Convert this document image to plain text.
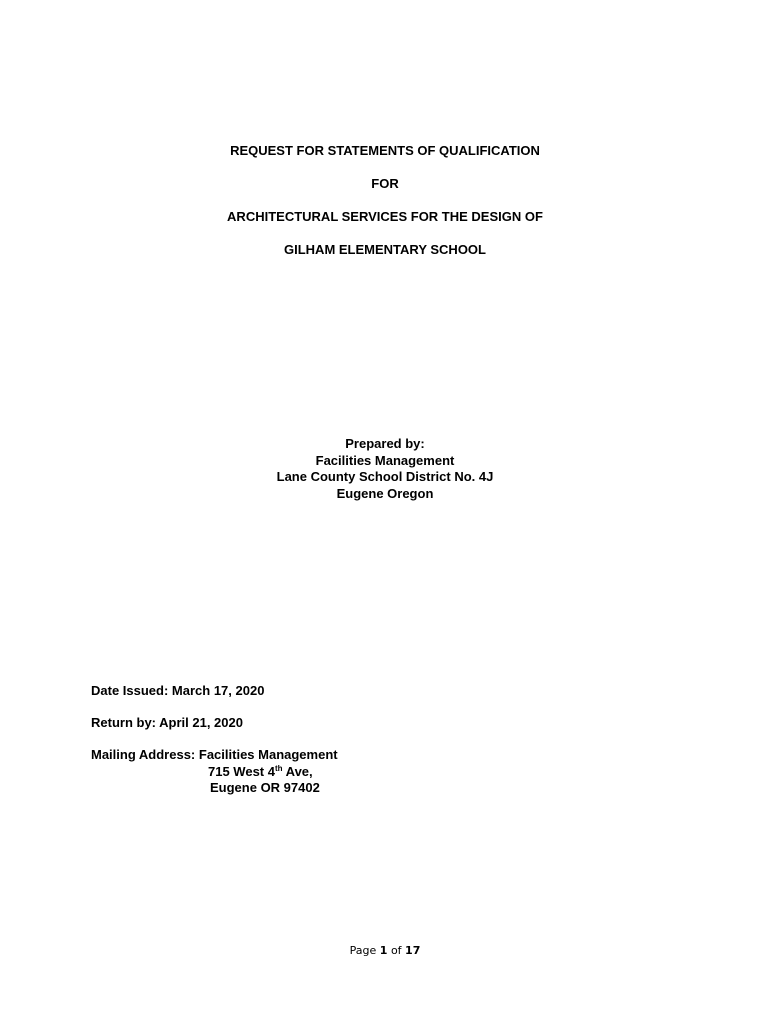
REQUEST FOR STATEMENTS OF QUALIFICATION
FOR
ARCHITECTURAL SERVICES FOR THE DESIGN OF
GILHAM ELEMENTARY SCHOOL
Prepared by:
Facilities Management
Lane County School District No. 4J
Eugene Oregon
Date Issued: March 17, 2020
Return by: April 21, 2020
Mailing Address: Facilities Management
715 West 4th Ave,
Eugene OR 97402
Page 1 of 17
